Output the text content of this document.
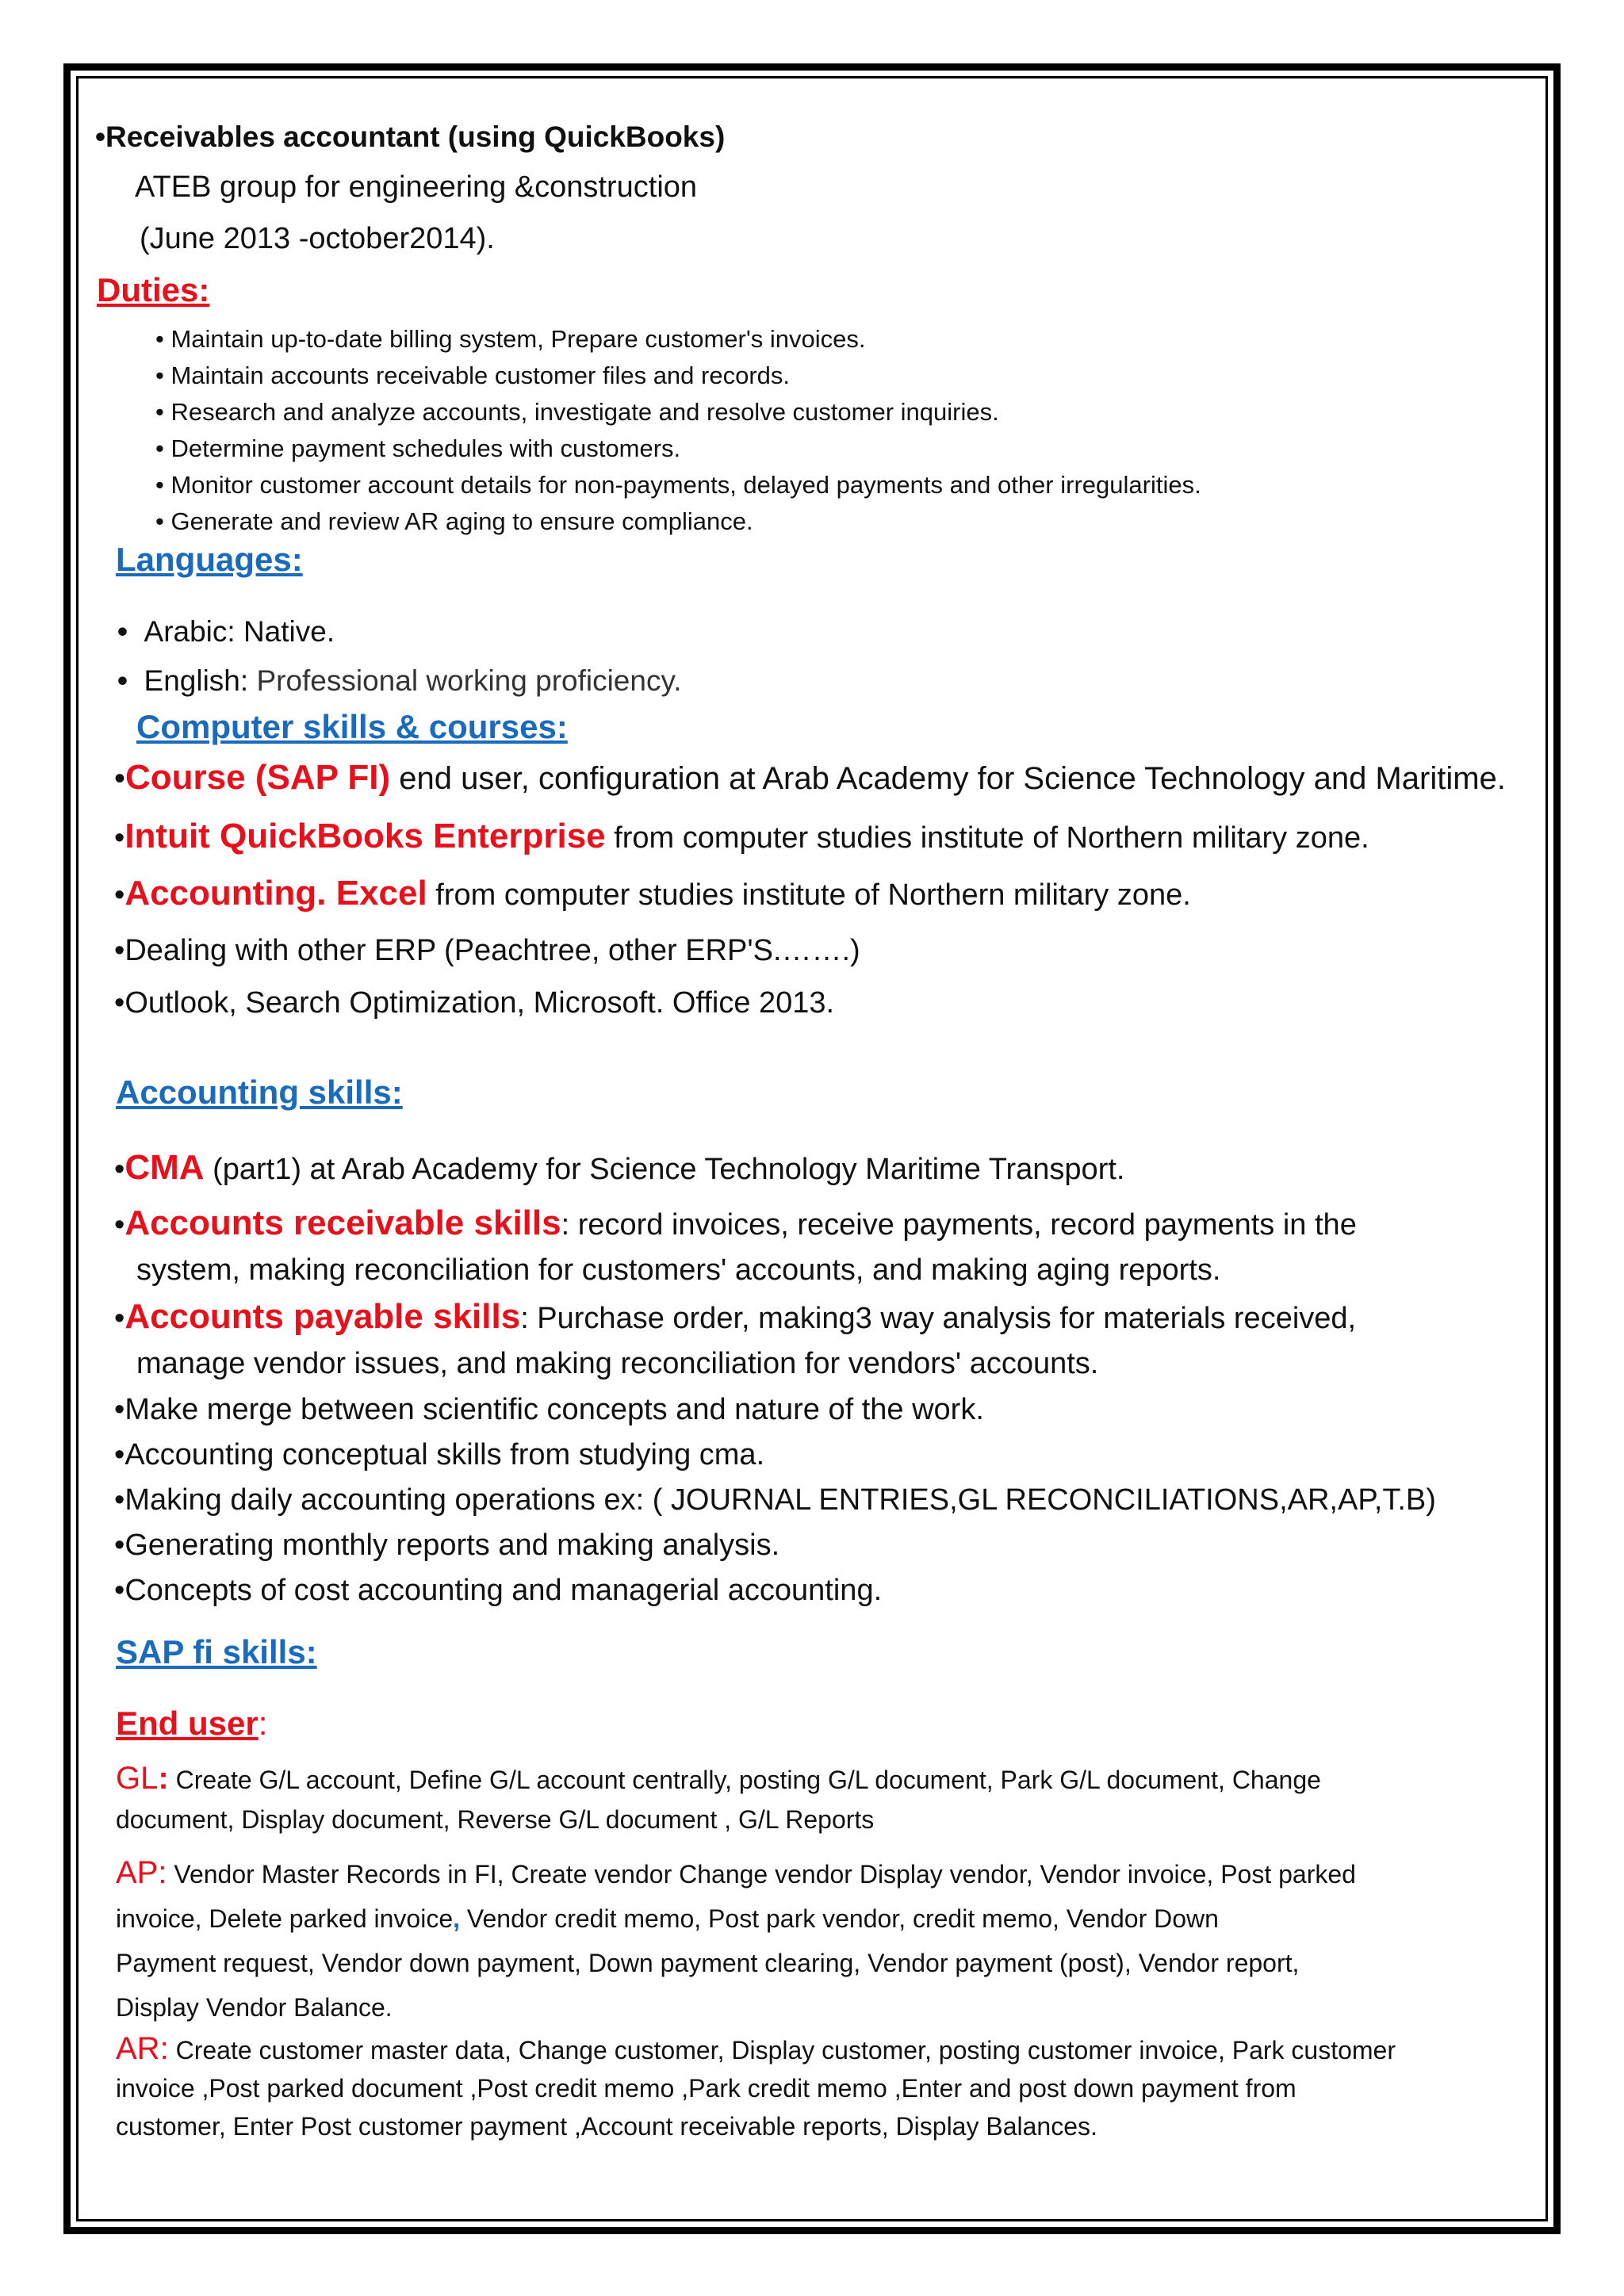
•Receivables accountant (using QuickBooks)
ATEB group for engineering &construction
(June 2013 -october2014).
Duties:
• Maintain up-to-date billing system, Prepare customer's invoices.
• Maintain accounts receivable customer files and records.
• Research and analyze accounts, investigate and resolve customer inquiries.
• Determine payment schedules with customers.
• Monitor customer account details for non-payments, delayed payments and other irregularities.
• Generate and review AR aging to ensure compliance.
Languages:
• Arabic: Native.
• English: Professional working proficiency.
Computer skills & courses:
•Course (SAP FI) end user, configuration at Arab Academy for Science Technology and Maritime.
•Intuit QuickBooks Enterprise from computer studies institute of Northern military zone.
•Accounting. Excel from computer studies institute of Northern military zone.
•Dealing with other ERP (Peachtree, other ERP'S.…….)
•Outlook, Search Optimization, Microsoft. Office 2013.
Accounting skills:
•CMA (part1) at Arab Academy for Science Technology Maritime Transport.
•Accounts receivable skills: record invoices, receive payments, record payments in the
system, making reconciliation for customers' accounts, and making aging reports.
•Accounts payable skills: Purchase order, making3 way analysis for materials received,
manage vendor issues, and making reconciliation for vendors' accounts.
•Make merge between scientific concepts and nature of the work.
•Accounting conceptual skills from studying cma.
•Making daily accounting operations ex: ( JOURNAL ENTRIES,GL RECONCILIATIONS,AR,AP,T.B)
•Generating monthly reports and making analysis.
•Concepts of cost accounting and managerial accounting.
SAP fi skills:
End user:
GL: Create G/L account, Define G/L account centrally, posting G/L document, Park G/L document, Change
document, Display document, Reverse G/L document , G/L Reports
AP: Vendor Master Records in FI, Create vendor Change vendor Display vendor, Vendor invoice, Post parked
invoice, Delete parked invoice, Vendor credit memo, Post park vendor, credit memo, Vendor Down
Payment request, Vendor down payment, Down payment clearing, Vendor payment (post), Vendor report,
Display Vendor Balance.
AR: Create customer master data, Change customer, Display customer, posting customer invoice, Park customer
invoice ,Post parked document ,Post credit memo ,Park credit memo ,Enter and post down payment from
customer, Enter Post customer payment ,Account receivable reports, Display Balances.
